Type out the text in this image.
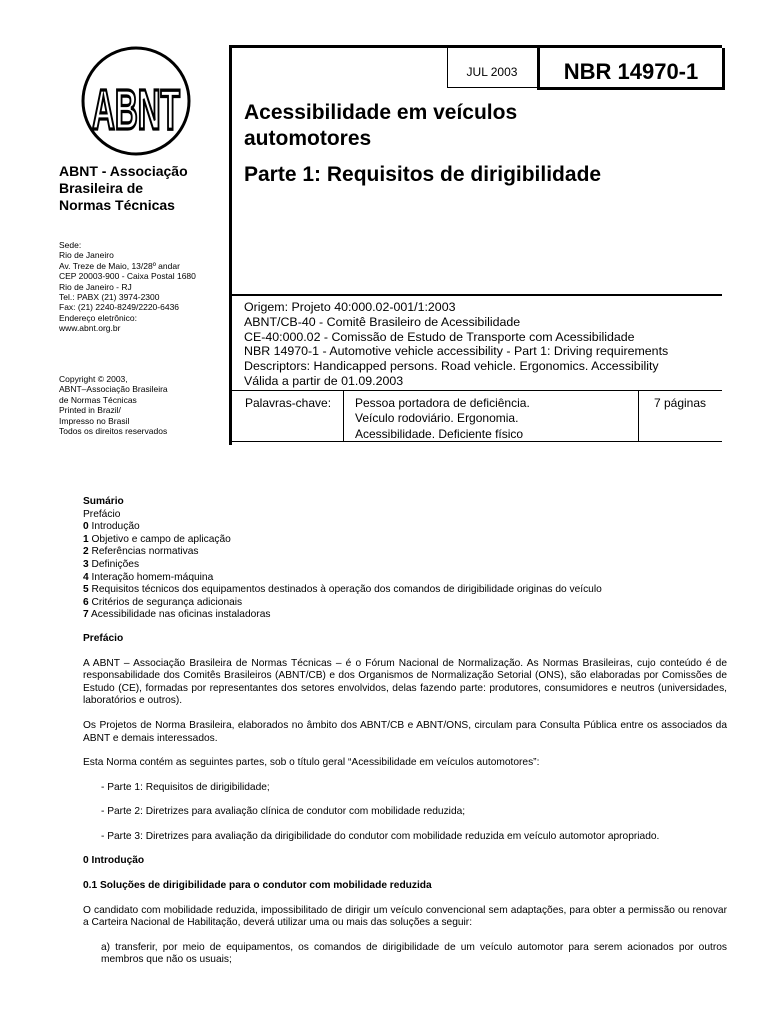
ABNT
ABNT - Associação
Brasileira de
Normas Técnicas
Sede:
Rio de Janeiro
Av. Treze de Maio, 13/28º andar
CEP 20003-900 - Caixa Postal 1680
Rio de Janeiro - RJ
Tel.: PABX (21) 3974-2300
Fax: (21) 2240-8249/2220-6436
Endereço eletrônico:
www.abnt.org.br
Copyright © 2003,
ABNT–Associação Brasileira
de Normas Técnicas
Printed in Brazil/
Impresso no Brasil
Todos os direitos reservados
JUL 2003	NBR 14970-1
Acessibilidade em veículos
automotores
Parte 1: Requisitos de dirigibilidade
Origem: Projeto 40:000.02-001/1:2003
ABNT/CB-40 - Comitê Brasileiro de Acessibilidade
CE-40:000.02 - Comissão de Estudo de Transporte com Acessibilidade
NBR 14970-1 - Automotive vehicle accessibility - Part 1: Driving requirements
Descriptors: Handicapped persons. Road vehicle. Ergonomics. Accessibility
Válida a partir de 01.09.2003
Palavras-chave: Pessoa portadora de deficiência.
Veículo rodoviário. Ergonomia.
Acessibilidade. Deficiente físico
7 páginas

Sumário

Prefácio
0 Introdução
1 Objetivo e campo de aplicação
2 Referências normativas
3 Definições
4 Interação homem-máquina
5 Requisitos técnicos dos equipamentos destinados à operação dos comandos de dirigibilidade originas do veículo
6 Critérios de segurança adicionais
7 Acessibilidade nas oficinas instaladoras

Prefácio

A ABNT – Associação Brasileira de Normas Técnicas – é o Fórum Nacional de Normalização. As Normas Brasileiras, cujo conteúdo é de responsabilidade dos Comitês Brasileiros (ABNT/CB) e dos Organismos de Normalização Setorial (ONS), são elaboradas por Comissões de Estudo (CE), formadas por representantes dos setores envolvidos, delas fazendo parte: produtores, consumidores e neutros (universidades, laboratórios e outros).

Os Projetos de Norma Brasileira, elaborados no âmbito dos ABNT/CB e ABNT/ONS, circulam para Consulta Pública entre os associados da ABNT e demais interessados.

Esta Norma contém as seguintes partes, sob o título geral “Acessibilidade em veículos automotores”:

- Parte 1: Requisitos de dirigibilidade;

- Parte 2: Diretrizes para avaliação clínica de condutor com mobilidade reduzida;

- Parte 3: Diretrizes para avaliação da dirigibilidade do condutor com mobilidade reduzida em veículo automotor apropriado.

0 Introdução

0.1 Soluções de dirigibilidade para o condutor com mobilidade reduzida

O candidato com mobilidade reduzida, impossibilitado de dirigir um veículo convencional sem adaptações, para obter a permissão ou renovar a Carteira Nacional de Habilitação, deverá utilizar uma ou mais das soluções a seguir:

a) transferir, por meio de equipamentos, os comandos de dirigibilidade de um veículo automotor para serem acionados por outros membros que não os usuais;
